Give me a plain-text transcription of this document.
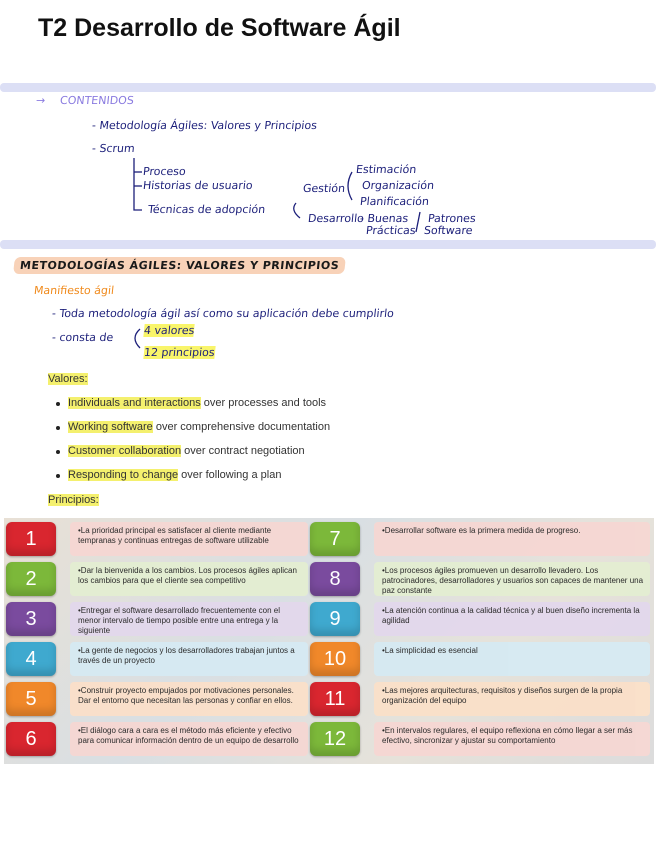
T2 Desarrollo de Software Ágil
→ CONTENIDOS
- Metodología Ágiles: Valores y Principios
- Scrum
Proceso
Historias de usuario
Técnicas de adopción
Gestión
Estimación
Organización
Planificación
Desarrollo
- Buenas
Prácticas
Patrones
Software
METODOLOGÍAS ÁGILES: VALORES Y PRINCIPIOS
Manifiesto ágil
- Toda metodología ágil así como su aplicación debe cumplirlo
- consta de
4 valores
12 principios
Valores:
Individuals and interactions over processes and tools
Working software over comprehensive documentation
Customer collaboration over contract negotiation
Responding to change over following a plan
Principios:
1	•La prioridad principal es satisfacer al cliente mediante tempranas y continuas entregas de software utilizable
2	•Dar la bienvenida a los cambios. Los procesos ágiles aplican los cambios para que el cliente sea competitivo
3	•Entregar el software desarrollado frecuentemente con el menor intervalo de tiempo posible entre una entrega y la siguiente
4	•La gente de negocios y los desarrolladores trabajan juntos a través de un proyecto
5	•Construir proyecto empujados por motivaciones personales. Dar el entorno que necesitan las personas y confiar en ellos.
6	•El diálogo cara a cara es el método más eficiente y efectivo para comunicar información dentro de un equipo de desarrollo
7	•Desarrollar software es la primera medida de progreso.
8	•Los procesos ágiles promueven un desarrollo llevadero. Los patrocinadores, desarrolladores y usuarios son capaces de mantener una paz constante
9	•La atención continua a la calidad técnica y al buen diseño incrementa la agilidad
10	•La simplicidad es esencial
11	•Las mejores arquitecturas, requisitos y diseños surgen de la propia organización del equipo
12	•En intervalos regulares, el equipo reflexiona en cómo llegar a ser más efectivo, sincronizar y ajustar su comportamiento
